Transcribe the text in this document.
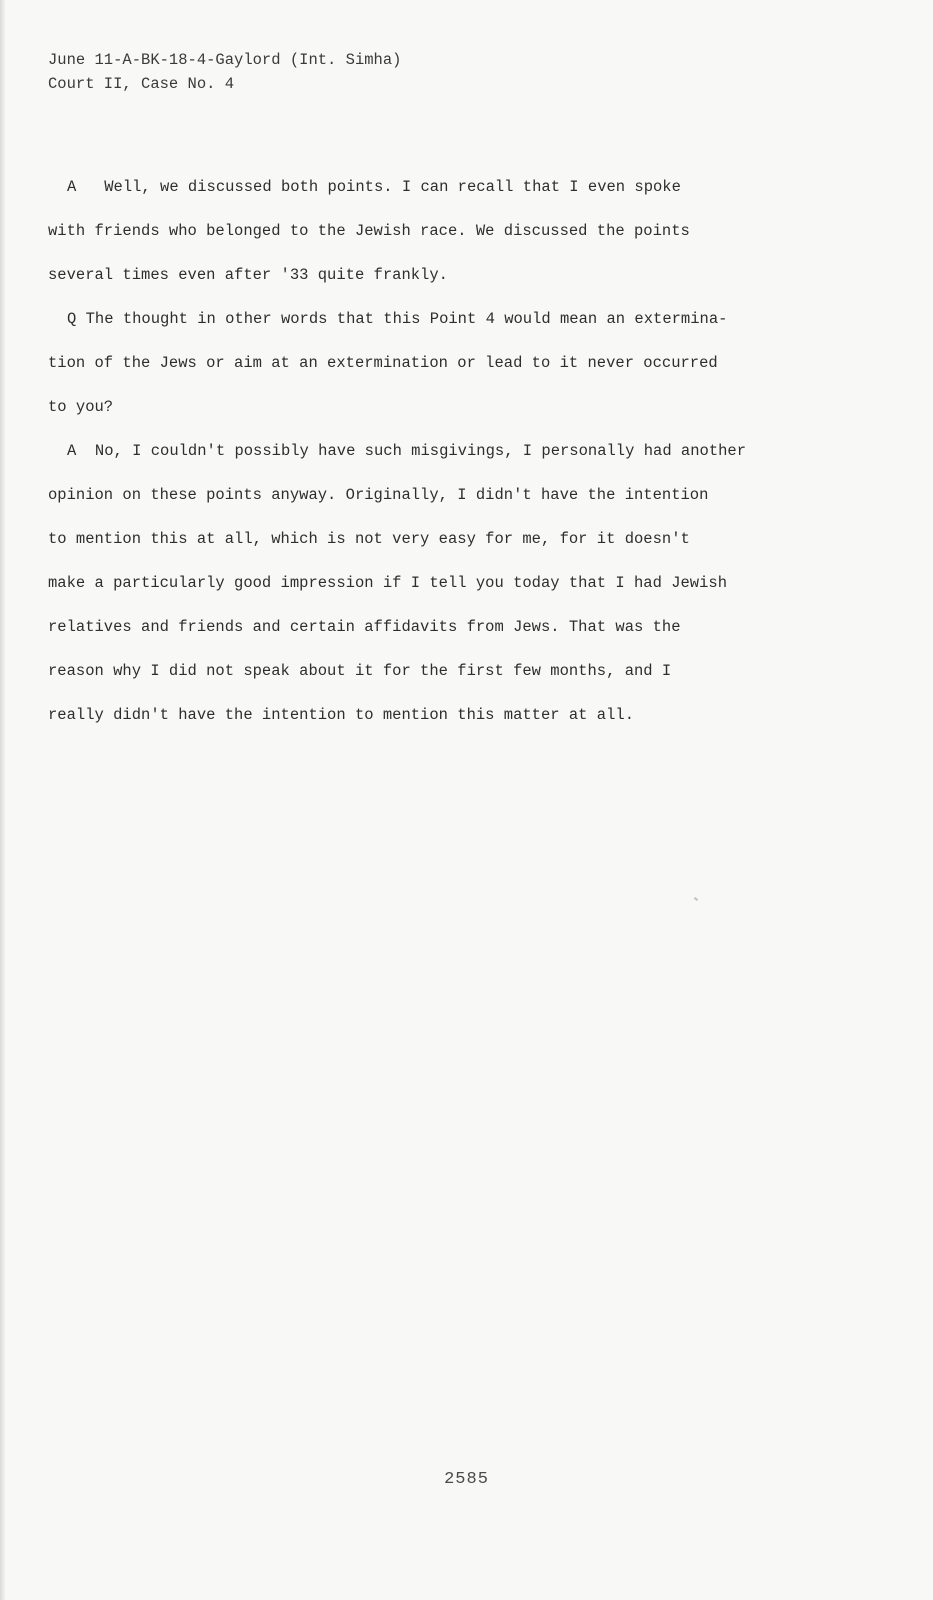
June 11-A-BK-18-4-Gaylord (Int. Simha)
Court II, Case No. 4

A Well, we discussed both points. I can recall that I even spoke
with friends who belonged to the Jewish race. We discussed the points
several times even after '33 quite frankly.

Q The thought in other words that this Point 4 would mean an extermina-
tion of the Jews or aim at an extermination or lead to it never occurred
to you?

A No, I couldn't possibly have such misgivings, I personally had another
opinion on these points anyway. Originally, I didn't have the intention
to mention this at all, which is not very easy for me, for it doesn't
make a particularly good impression if I tell you today that I had Jewish
relatives and friends and certain affidavits from Jews. That was the
reason why I did not speak about it for the first few months, and I
really didn't have the intention to mention this matter at all.

2585
